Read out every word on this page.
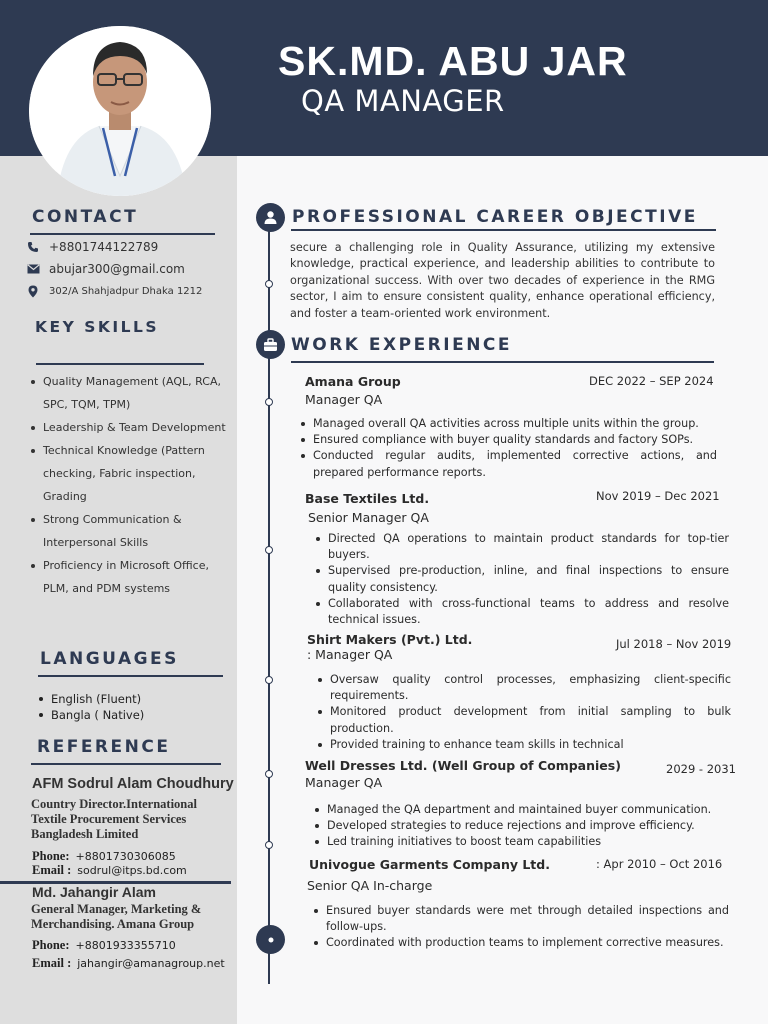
SK.MD. ABU JAR
QA MANAGER
CONTACT
+8801744122789
abujar300@gmail.com
302/A Shahjadpur Dhaka 1212
KEY SKILLS
Quality Management (AQL, RCA, SPC, TQM, TPM)
Leadership & Team Development
Technical Knowledge (Pattern checking, Fabric inspection, Grading
Strong Communication & Interpersonal Skills
Proficiency in Microsoft Office, PLM, and PDM systems
LANGUAGES
English (Fluent)
Bangla ( Native)
REFERENCE
AFM Sodrul Alam Choudhury
Country Director.International Textile Procurement Services Bangladesh Limited
Phone: +8801730306085
Email : sodrul@itps.bd.com
Md. Jahangir Alam
General Manager, Marketing & Merchandising. Amana Group
Phone: +8801933355710
Email : jahangir@amanagroup.net
PROFESSIONAL CAREER OBJECTIVE
secure a challenging role in Quality Assurance, utilizing my extensive knowledge, practical experience, and leadership abilities to contribute to organizational success. With over two decades of experience in the RMG sector, I aim to ensure consistent quality, enhance operational efficiency, and foster a team-oriented work environment.
WORK EXPERIENCE
Amana Group	DEC 2022 – SEP 2024
Manager QA
Managed overall QA activities across multiple units within the group.
Ensured compliance with buyer quality standards and factory SOPs.
Conducted regular audits, implemented corrective actions, and prepared performance reports.
Base Textiles Ltd.	Nov 2019 – Dec 2021
Senior Manager QA
Directed QA operations to maintain product standards for top-tier buyers.
Supervised pre-production, inline, and final inspections to ensure quality consistency.
Collaborated with cross-functional teams to address and resolve technical issues.
Shirt Makers (Pvt.) Ltd.	Jul 2018 – Nov 2019
: Manager QA
Oversaw quality control processes, emphasizing client-specific requirements.
Monitored product development from initial sampling to bulk production.
Provided training to enhance team skills in technical
Well Dresses Ltd. (Well Group of Companies)	2029 - 2031
Manager QA
Managed the QA department and maintained buyer communication.
Developed strategies to reduce rejections and improve efficiency.
Led training initiatives to boost team capabilities
Univogue Garments Company Ltd.	: Apr 2010 – Oct 2016
Senior QA In-charge
Ensured buyer standards were met through detailed inspections and follow-ups.
Coordinated with production teams to implement corrective measures.
